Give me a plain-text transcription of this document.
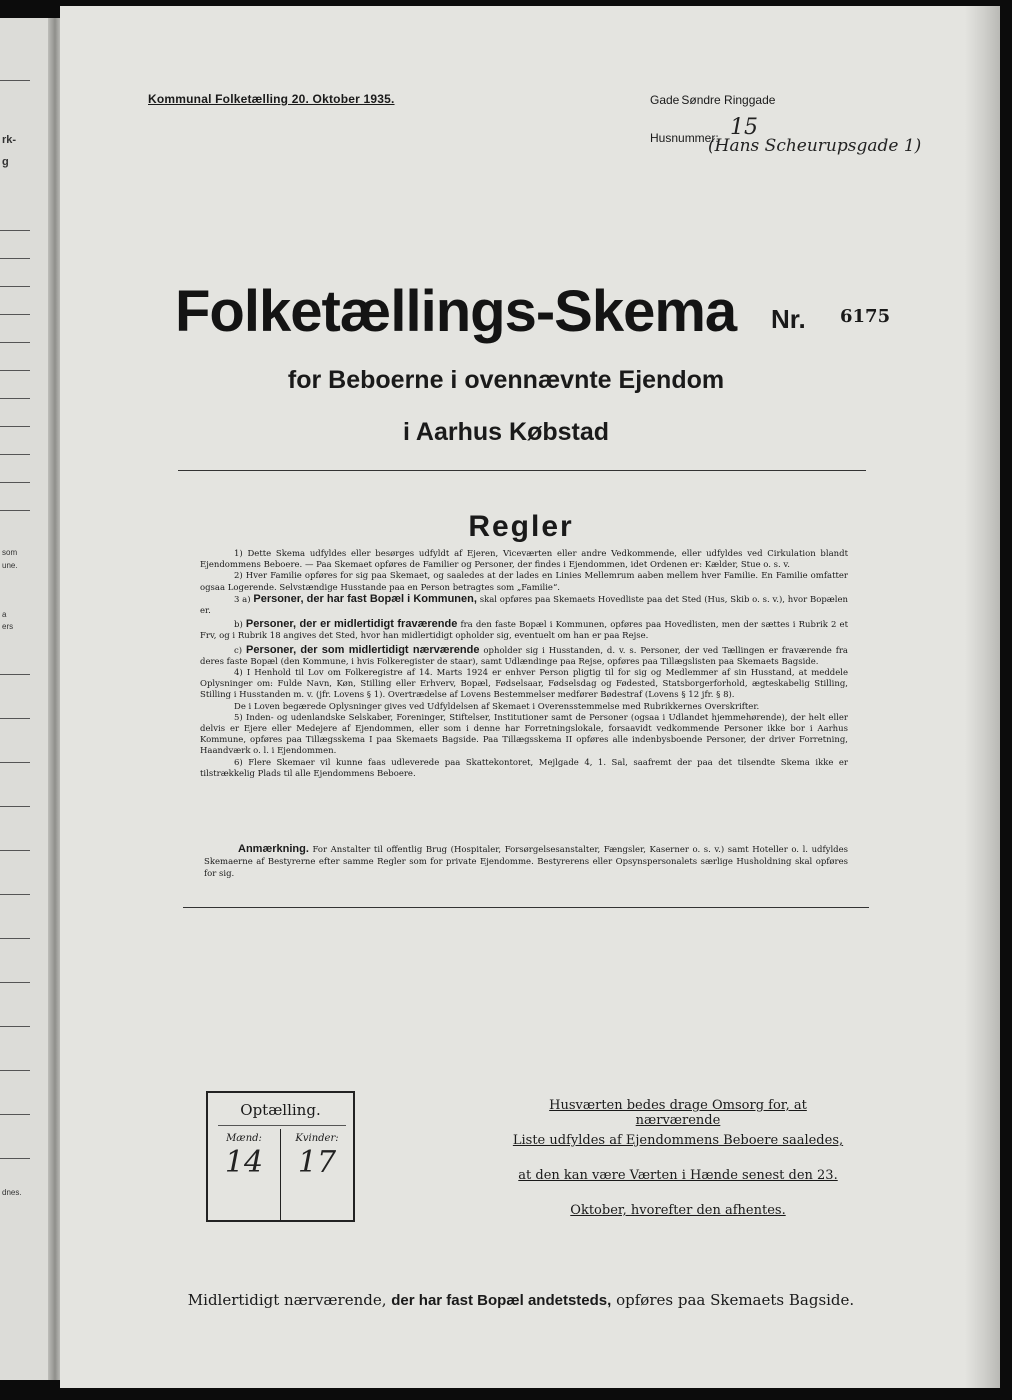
rk-
g
som
une.
a
ers
dnes.
Kommunal Folketælling 20. Oktober 1935.	Gade Søndre Ringgade
Husnummer: 15
(Hans Scheurupsgade 1)
Folketællings-Skema Nr. 6175
for Beboerne i ovennævnte Ejendom
i Aarhus Købstad
Regler

1) Dette Skema udfyldes eller besørges udfyldt af Ejeren, Viceværten eller andre Vedkommende, eller udfyldes ved Cirkulation blandt Ejendommens Beboere. — Paa Skemaet opføres de Familier og Personer, der findes i Ejendommen, idet Ordenen er: Kælder, Stue o. s. v.

2) Hver Familie opføres for sig paa Skemaet, og saaledes at der lades en Linies Mellemrum aaben mellem hver Familie. En Familie omfatter ogsaa Logerende. Selvstændige Husstande paa en Person betragtes som „Familie“.

3 a) Personer, der har fast Bopæl i Kommunen, skal opføres paa Skemaets Hovedliste paa det Sted (Hus, Skib o. s. v.), hvor Bopælen er.

b) Personer, der er midlertidigt fraværende fra den faste Bopæl i Kommunen, opføres paa Hovedlisten, men der sættes i Rubrik 2 et Frv, og i Rubrik 18 angives det Sted, hvor han midlertidigt opholder sig, eventuelt om han er paa Rejse.

c) Personer, der som midlertidigt nærværende opholder sig i Husstanden, d. v. s. Personer, der ved Tællingen er fraværende fra deres faste Bopæl (den Kommune, i hvis Folkeregister de staar), samt Udlændinge paa Rejse, opføres paa Tillægslisten paa Skemaets Bagside.

4) I Henhold til Lov om Folkeregistre af 14. Marts 1924 er enhver Person pligtig til for sig og Medlemmer af sin Husstand, at meddele Oplysninger om: Fulde Navn, Køn, Stilling eller Erhverv, Bopæl, Fødselsaar, Fødselsdag og Fødested, Statsborgerforhold, ægteskabelig Stilling, Stilling i Husstanden m. v. (jfr. Lovens § 1). Overtrædelse af Lovens Bestemmelser medfører Bødestraf (Lovens § 12 jfr. § 8).

De i Loven begærede Oplysninger gives ved Udfyldelsen af Skemaet i Overensstemmelse med Rubrikkernes Overskrifter.

5) Inden- og udenlandske Selskaber, Foreninger, Stiftelser, Institutioner samt de Personer (ogsaa i Udlandet hjemmehørende), der helt eller delvis er Ejere eller Medejere af Ejendommen, eller som i denne har Forretningslokale, forsaavidt vedkommende Personer ikke bor i Aarhus Kommune, opføres paa Tillægsskema I paa Skemaets Bagside. Paa Tillægsskema II opføres alle indenbysboende Personer, der driver Forretning, Haandværk o. l. i Ejendommen.

6) Flere Skemaer vil kunne faas udleverede paa Skattekontoret, Mejlgade 4, 1. Sal, saafremt der paa det tilsendte Skema ikke er tilstrækkelig Plads til alle Ejendommens Beboere.

Anmærkning. For Anstalter til offentlig Brug (Hospitaler, Forsørgelsesanstalter, Fængsler, Kaserner o. s. v.) samt Hoteller o. l. udfyldes Skemaerne af Bestyrerne efter samme Regler som for private Ejendomme. Bestyrerens eller Opsynspersonalets særlige Husholdning skal opføres for sig.
Optælling.
Mænd:	Kvinder:
14	17
Husværten bedes drage Omsorg for, at nærværende
Liste udfyldes af Ejendommens Beboere saaledes,
at den kan være Værten i Hænde senest den 23.
Oktober, hvorefter den afhentes.
Midlertidigt nærværende, der har fast Bopæl andetsteds, opføres paa Skemaets Bagside.
